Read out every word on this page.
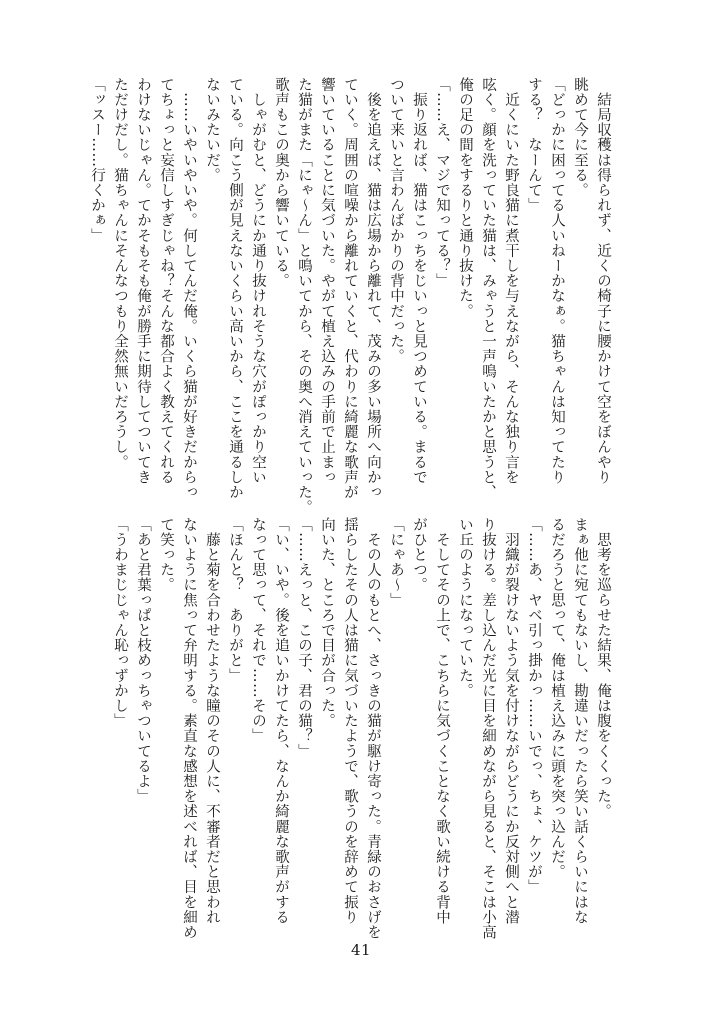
　結局収穫は得られず、近くの椅子に腰かけて空をぼんやり
眺めて今に至る。
「どっかに困ってる人いねーかなぁ。猫ちゃんは知ってたり
する？　なーんて」
　近くにいた野良猫に煮干しを与えながら、そんな独り言を
呟く。顔を洗っていた猫は、みゃうと一声鳴いたかと思うと、
俺の足の間をするりと通り抜けた。
「……え、マジで知ってる？」
　振り返れば、猫はこっちをじいっと見つめている。まるで
ついて来いと言わんばかりの背中だった。
　後を追えば、猫は広場から離れて、茂みの多い場所へ向かっ
ていく。周囲の喧噪から離れていくと、代わりに綺麗な歌声が
響いていることに気づいた。やがて植え込みの手前で止まっ
た猫がまた「にゃ〜ん」と鳴いてから、その奥へ消えていった。
歌声もこの奥から響いている。
　しゃがむと、どうにか通り抜けれそうな穴がぽっかり空い
ている。向こう側が見えないくらい高いから、ここを通るしか
ないみたいだ。
　……いやいやいや。何してんだ俺。いくら猫が好きだからっ
てちょっと妄信しすぎじゃね？そんな都合よく教えてくれる
わけないじゃん。てかそもそも俺が勝手に期待してついてき
ただけだし。猫ちゃんにそんなつもり全然無いだろうし。
「ッスー……行くかぁ」
　思考を巡らせた結果、俺は腹をくくった。
まぁ他に宛てもないし、勘違いだったら笑い話くらいにはな
るだろうと思って、俺は植え込みに頭を突っ込んだ。
「……あ、ヤベ引っ掛かっ……いでっ、ちょ、ケツが」
　羽織が裂けないよう気を付けながらどうにか反対側へと潜
り抜ける。差し込んだ光に目を細めながら見ると、そこは小高
い丘のようになっていた。
　そしてその上で、こちらに気づくことなく歌い続ける背中
がひとつ。
「にゃあ〜」
　その人のもとへ、さっきの猫が駆け寄った。青緑のおさげを
揺らしたその人は猫に気づいたようで、歌うのを辞めて振り
向いた、ところで目が合った。
「……えっと、この子、君の猫？」
「い、いや。後を追いかけてたら、なんか綺麗な歌声がする
なって思って、それで……その」
「ほんと？　ありがと」
　藤と菊を合わせたような瞳のその人に、不審者だと思われ
ないように焦って弁明する。素直な感想を述べれば、目を細め
て笑った。
「あと君葉っぱと枝めっちゃついてるよ」
「うわまじじゃん恥っずかし」
41
